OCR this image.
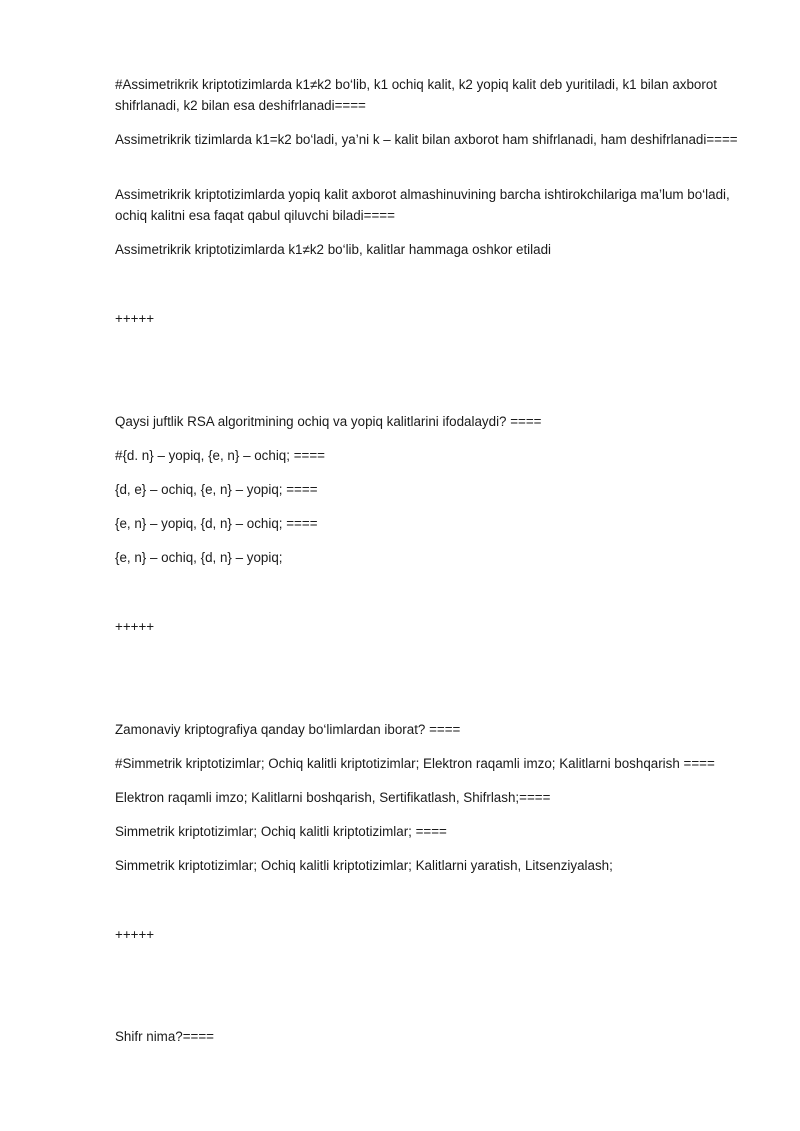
#Assimetrikrik kriptotizimlarda k1≠k2 bo‘lib, k1 ochiq kalit, k2 yopiq kalit deb yuritiladi, k1 bilan axborot shifrlanadi, k2 bilan esa deshifrlanadi====

Assimetrikrik tizimlarda k1=k2 bo‘ladi, ya’ni k – kalit bilan axborot ham shifrlanadi, ham deshifrlanadi====

Assimetrikrik kriptotizimlarda yopiq kalit axborot almashinuvining barcha ishtirokchilariga ma’lum bo‘ladi, ochiq kalitni esa faqat qabul qiluvchi biladi====

Assimetrikrik kriptotizimlarda k1≠k2 bo‘lib, kalitlar hammaga oshkor etiladi

+++++

Qaysi juftlik RSA algoritmining ochiq va yopiq kalitlarini ifodalaydi? ====

#{d. n} – yopiq, {e, n} – ochiq; ====

{d, e} – ochiq, {e, n} – yopiq; ====

{e, n} – yopiq, {d, n} – ochiq; ====

{e, n} – ochiq, {d, n} – yopiq;

+++++

Zamonaviy kriptografiya qanday bo‘limlardan iborat? ====

#Simmetrik kriptotizimlar; Ochiq kalitli kriptotizimlar; Elektron raqamli imzo; Kalitlarni boshqarish ====

Elektron raqamli imzo; Kalitlarni boshqarish, Sertifikatlash, Shifrlash;====

Simmetrik kriptotizimlar; Ochiq kalitli kriptotizimlar; ====

Simmetrik kriptotizimlar; Ochiq kalitli kriptotizimlar; Kalitlarni yaratish, Litsenziyalash;

+++++

Shifr nima?====
